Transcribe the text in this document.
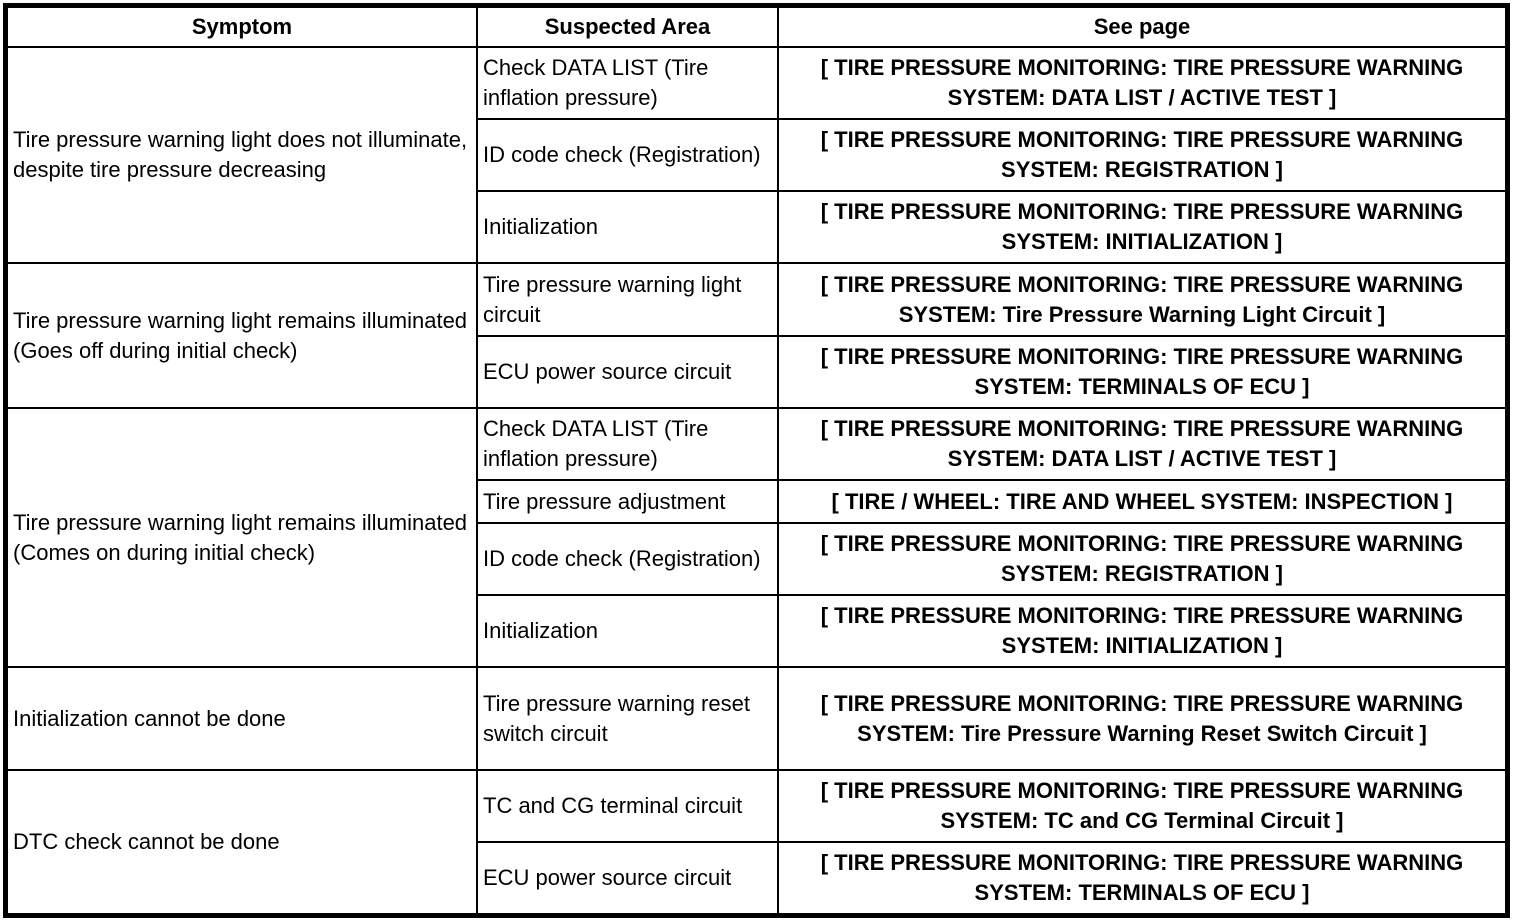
Symptom	Suspected Area	See page
Tire pressure warning light does not illuminate, despite tire pressure decreasing	Check DATA LIST (Tire inflation pressure)	[ TIRE PRESSURE MONITORING: TIRE PRESSURE WARNING SYSTEM: DATA LIST / ACTIVE TEST ]
	ID code check (Registration)	[ TIRE PRESSURE MONITORING: TIRE PRESSURE WARNING SYSTEM: REGISTRATION ]
	Initialization	[ TIRE PRESSURE MONITORING: TIRE PRESSURE WARNING SYSTEM: INITIALIZATION ]
Tire pressure warning light remains illuminated (Goes off during initial check)	Tire pressure warning light circuit	[ TIRE PRESSURE MONITORING: TIRE PRESSURE WARNING SYSTEM: Tire Pressure Warning Light Circuit ]
	ECU power source circuit	[ TIRE PRESSURE MONITORING: TIRE PRESSURE WARNING SYSTEM: TERMINALS OF ECU ]
Tire pressure warning light remains illuminated (Comes on during initial check)	Check DATA LIST (Tire inflation pressure)	[ TIRE PRESSURE MONITORING: TIRE PRESSURE WARNING SYSTEM: DATA LIST / ACTIVE TEST ]
	Tire pressure adjustment	[ TIRE / WHEEL: TIRE AND WHEEL SYSTEM: INSPECTION ]
	ID code check (Registration)	[ TIRE PRESSURE MONITORING: TIRE PRESSURE WARNING SYSTEM: REGISTRATION ]
	Initialization	[ TIRE PRESSURE MONITORING: TIRE PRESSURE WARNING SYSTEM: INITIALIZATION ]
Initialization cannot be done	Tire pressure warning reset switch circuit	[ TIRE PRESSURE MONITORING: TIRE PRESSURE WARNING SYSTEM: Tire Pressure Warning Reset Switch Circuit ]
DTC check cannot be done	TC and CG terminal circuit	[ TIRE PRESSURE MONITORING: TIRE PRESSURE WARNING SYSTEM: TC and CG Terminal Circuit ]
	ECU power source circuit	[ TIRE PRESSURE MONITORING: TIRE PRESSURE WARNING SYSTEM: TERMINALS OF ECU ]
